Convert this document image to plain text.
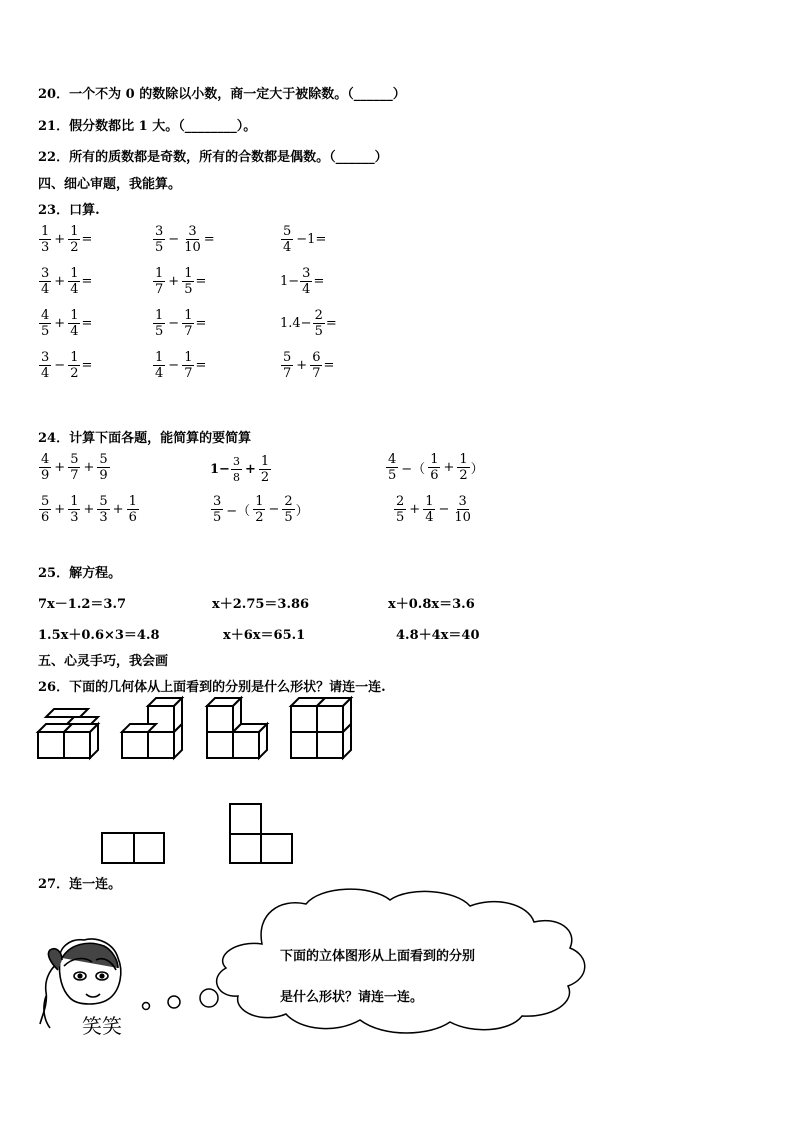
20．一个不为 0 的数除以小数，商一定大于被除数。（______）
21．假分数都比 1 大。（________）。
22．所有的质数都是奇数，所有的合数都是偶数。（______）
四、细心审题，我能算。
23．口算.
$\frac{1}{3} + \frac{1}{2}$ =	$\frac{3}{5} - \frac{3}{10}$ =	$\frac{5}{4} -1=$
$\frac{3}{4} + \frac{1}{4}$ =	$\frac{1}{7} + \frac{1}{5}$ =	$1- \frac{3}{4}$ =
$\frac{4}{5} + \frac{1}{4}$ =	$\frac{1}{5} - \frac{1}{7}$ =	$1.4- \frac{2}{5}$ =
$\frac{3}{4} - \frac{1}{2}$ =	$\frac{1}{4} - \frac{1}{7}$ =	$\frac{5}{7} + \frac{6}{7}$ =
24．计算下面各题，能简算的要简算
$\frac{4}{9} + \frac{5}{7} + \frac{5}{9}$	$1- \frac{3}{8} + \frac{1}{2}$	$\frac{4}{5}$ −（ $\frac{1}{6} + \frac{1}{2}$ ）
$\frac{5}{6} + \frac{1}{3} + \frac{5}{3} + \frac{1}{6}$	$\frac{3}{5}$ −（ $\frac{1}{2} - \frac{2}{5}$ ）	$\frac{2}{5} + \frac{1}{4} - \frac{3}{10}$
25．解方程。
7x－1.2＝3.7	x＋2.75＝3.86	x＋0.8x＝3.6
1.5x＋0.6×3＝4.8	x＋6x＝65.1	4.8＋4x＝40
五、心灵手巧，我会画
26．下面的几何体从上面看到的分别是什么形状？请连一连.
27．连一连。
下面的立体图形从上面看到的分别
是什么形状？请连一连。
笑笑
